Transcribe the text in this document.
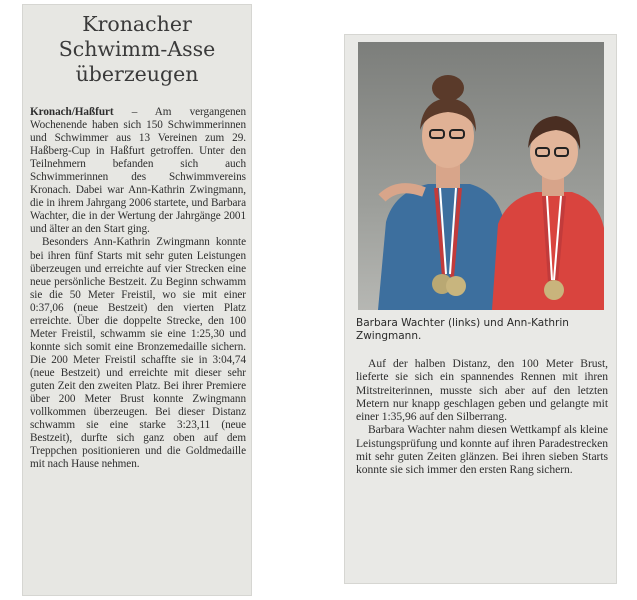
Kronacher
Schwimm-Asse
überzeugen

Kronach/Haßfurt – Am vergangenen Wochenende haben sich 150 Schwimmerinnen und Schwimmer aus 13 Vereinen zum 29. Haßberg-Cup in Haßfurt getroffen. Unter den Teilnehmern befanden sich auch Schwimmerinnen des Schwimmvereins Kronach. Dabei war Ann-Kathrin Zwingmann, die in ihrem Jahrgang 2006 startete, und Barbara Wachter, die in der Wertung der Jahrgänge 2001 und älter an den Start ging.

Besonders Ann-Kathrin Zwingmann konnte bei ihren fünf Starts mit sehr guten Leistungen überzeugen und erreichte auf vier Strecken eine neue persönliche Bestzeit. Zu Beginn schwamm sie die 50 Meter Freistil, wo sie mit einer 0:37,06 (neue Bestzeit) den vierten Platz erreichte. Über die doppelte Strecke, den 100 Meter Freistil, schwamm sie eine 1:25,30 und konnte sich somit eine Bronzemedaille sichern. Die 200 Meter Freistil schaffte sie in 3:04,74 (neue Bestzeit) und erreichte mit dieser sehr guten Zeit den zweiten Platz. Bei ihrer Premiere über 200 Meter Brust konnte Zwingmann vollkommen überzeugen. Bei dieser Distanz schwamm sie eine starke 3:23,11 (neue Bestzeit), durfte sich ganz oben auf dem Treppchen positionieren und die Goldmedaille mit nach Hause nehmen.

Barbara Wachter (links) und Ann-Kathrin Zwingmann.

Auf der halben Distanz, den 100 Meter Brust, lieferte sie sich ein spannendes Rennen mit ihren Mitstreiterinnen, musste sich aber auf den letzten Metern nur knapp geschlagen geben und gelangte mit einer 1:35,96 auf den Silberrang.

Barbara Wachter nahm diesen Wettkampf als kleine Leistungsprüfung und konnte auf ihren Paradestrecken mit sehr guten Zeiten glänzen. Bei ihren sieben Starts konnte sie sich immer den ersten Rang sichern.
